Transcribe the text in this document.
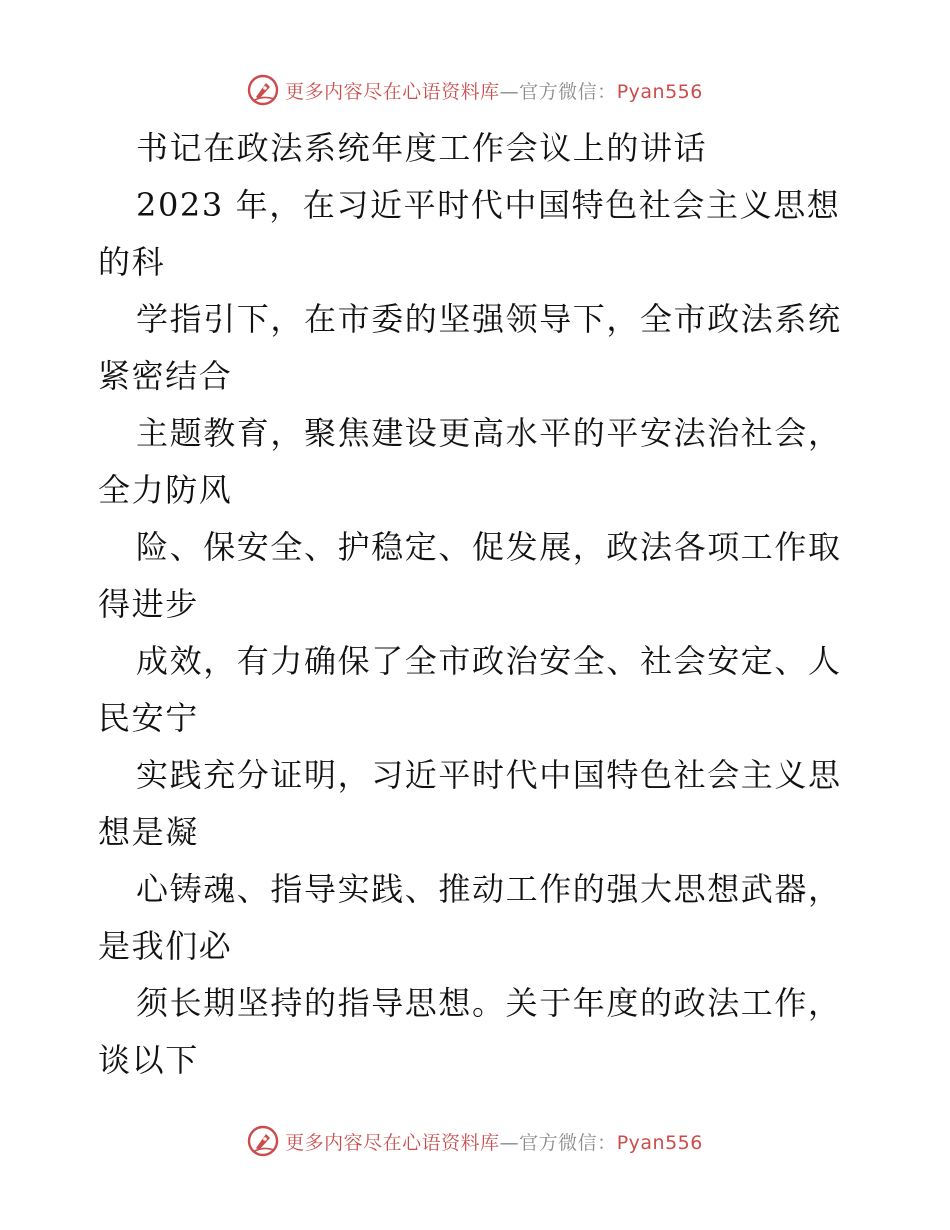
更多内容尽在心语资料库—官方微信：Pyan556
书记在政法系统年度工作会议上的讲话
2023 年，在习近平时代中国特色社会主义思想
的科
学指引下，在市委的坚强领导下，全市政法系统
紧密结合
主题教育，聚焦建设更高水平的平安法治社会，
全力防风
险、保安全、护稳定、促发展，政法各项工作取
得进步
成效，有力确保了全市政治安全、社会安定、人
民安宁
实践充分证明，习近平时代中国特色社会主义思
想是凝
心铸魂、指导实践、推动工作的强大思想武器，
是我们必
须长期坚持的指导思想。关于年度的政法工作，
谈以下
更多内容尽在心语资料库—官方微信：Pyan556
